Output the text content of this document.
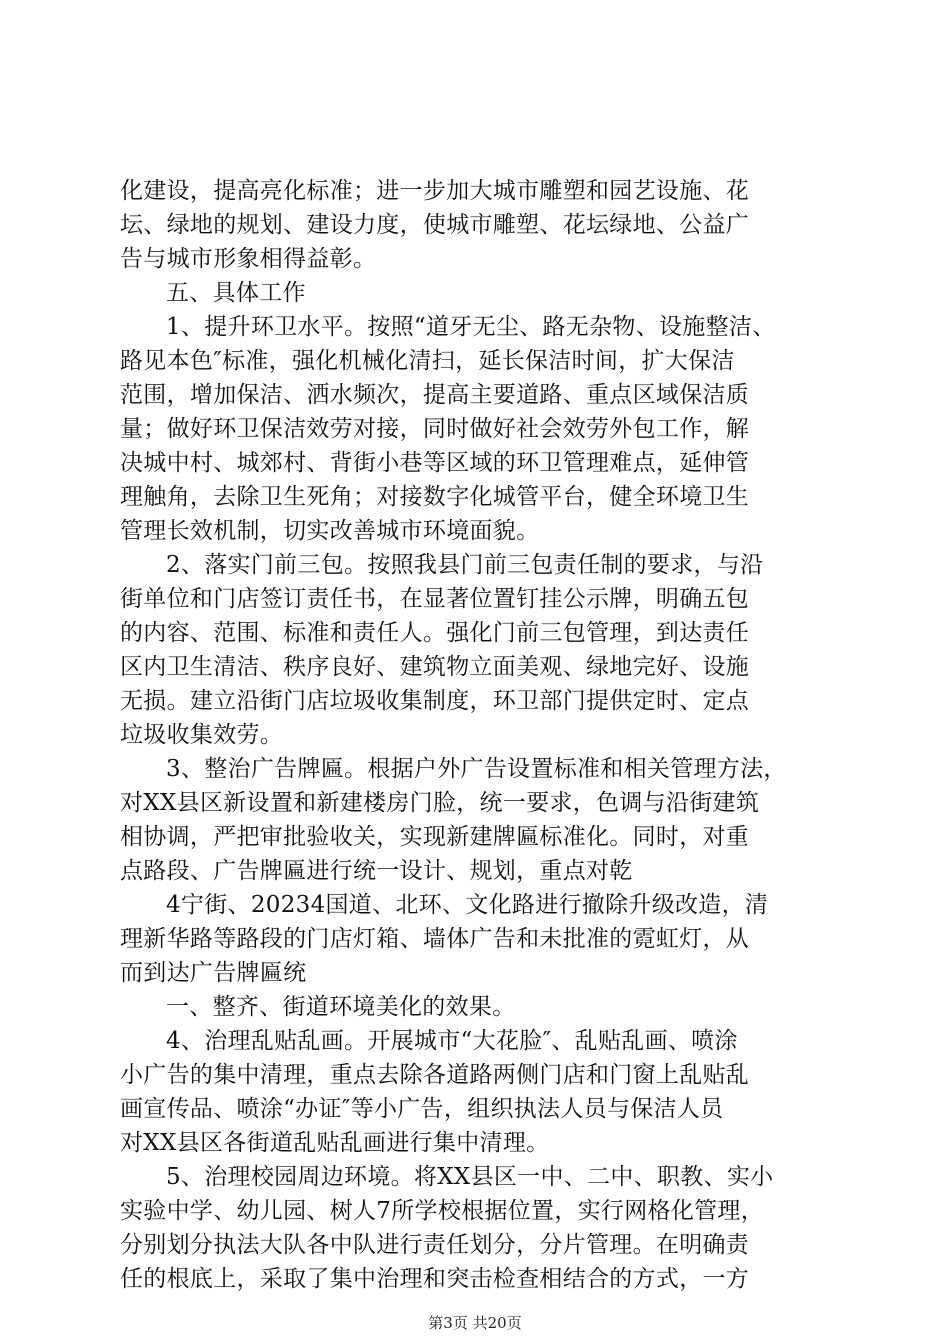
化建设，提高亮化标准；进一步加大城市雕塑和园艺设施、花
坛、绿地的规划、建设力度，使城市雕塑、花坛绿地、公益广
告与城市形象相得益彰。
五、具体工作
1、提升环卫水平。按照“道牙无尘、路无杂物、设施整洁、
路见本色″标准，强化机械化清扫，延长保洁时间，扩大保洁
范围，增加保洁、洒水频次，提高主要道路、重点区域保洁质
量；做好环卫保洁效劳对接，同时做好社会效劳外包工作，解
决城中村、城郊村、背街小巷等区域的环卫管理难点，延伸管
理触角，去除卫生死角；对接数字化城管平台，健全环境卫生
管理长效机制，切实改善城市环境面貌。
2、落实门前三包。按照我县门前三包责任制的要求，与沿
街单位和门店签订责任书，在显著位置钉挂公示牌，明确五包
的内容、范围、标准和责任人。强化门前三包管理，到达责任
区内卫生清洁、秩序良好、建筑物立面美观、绿地完好、设施
无损。建立沿街门店垃圾收集制度，环卫部门提供定时、定点
垃圾收集效劳。
3、整治广告牌匾。根据户外广告设置标准和相关管理方法，
对XX县区新设置和新建楼房门脸，统一要求，色调与沿街建筑
相协调，严把审批验收关，实现新建牌匾标准化。同时，对重
点路段、广告牌匾进行统一设计、规划，重点对乾
4宁街、20234国道、北环、文化路进行撤除升级改造，清
理新华路等路段的门店灯箱、墙体广告和未批准的霓虹灯，从
而到达广告牌匾统
一、整齐、街道环境美化的效果。
4、治理乱贴乱画。开展城市“大花脸″、乱贴乱画、喷涂
小广告的集中清理，重点去除各道路两侧门店和门窗上乱贴乱
画宣传品、喷涂“办证″等小广告，组织执法人员与保洁人员
对XX县区各街道乱贴乱画进行集中清理。
5、治理校园周边环境。将XX县区一中、二中、职教、实小
实验中学、幼儿园、树人7所学校根据位置，实行网格化管理，
分别划分执法大队各中队进行责任划分，分片管理。在明确责
任的根底上，采取了集中治理和突击检查相结合的方式，一方
第3页 共20页
